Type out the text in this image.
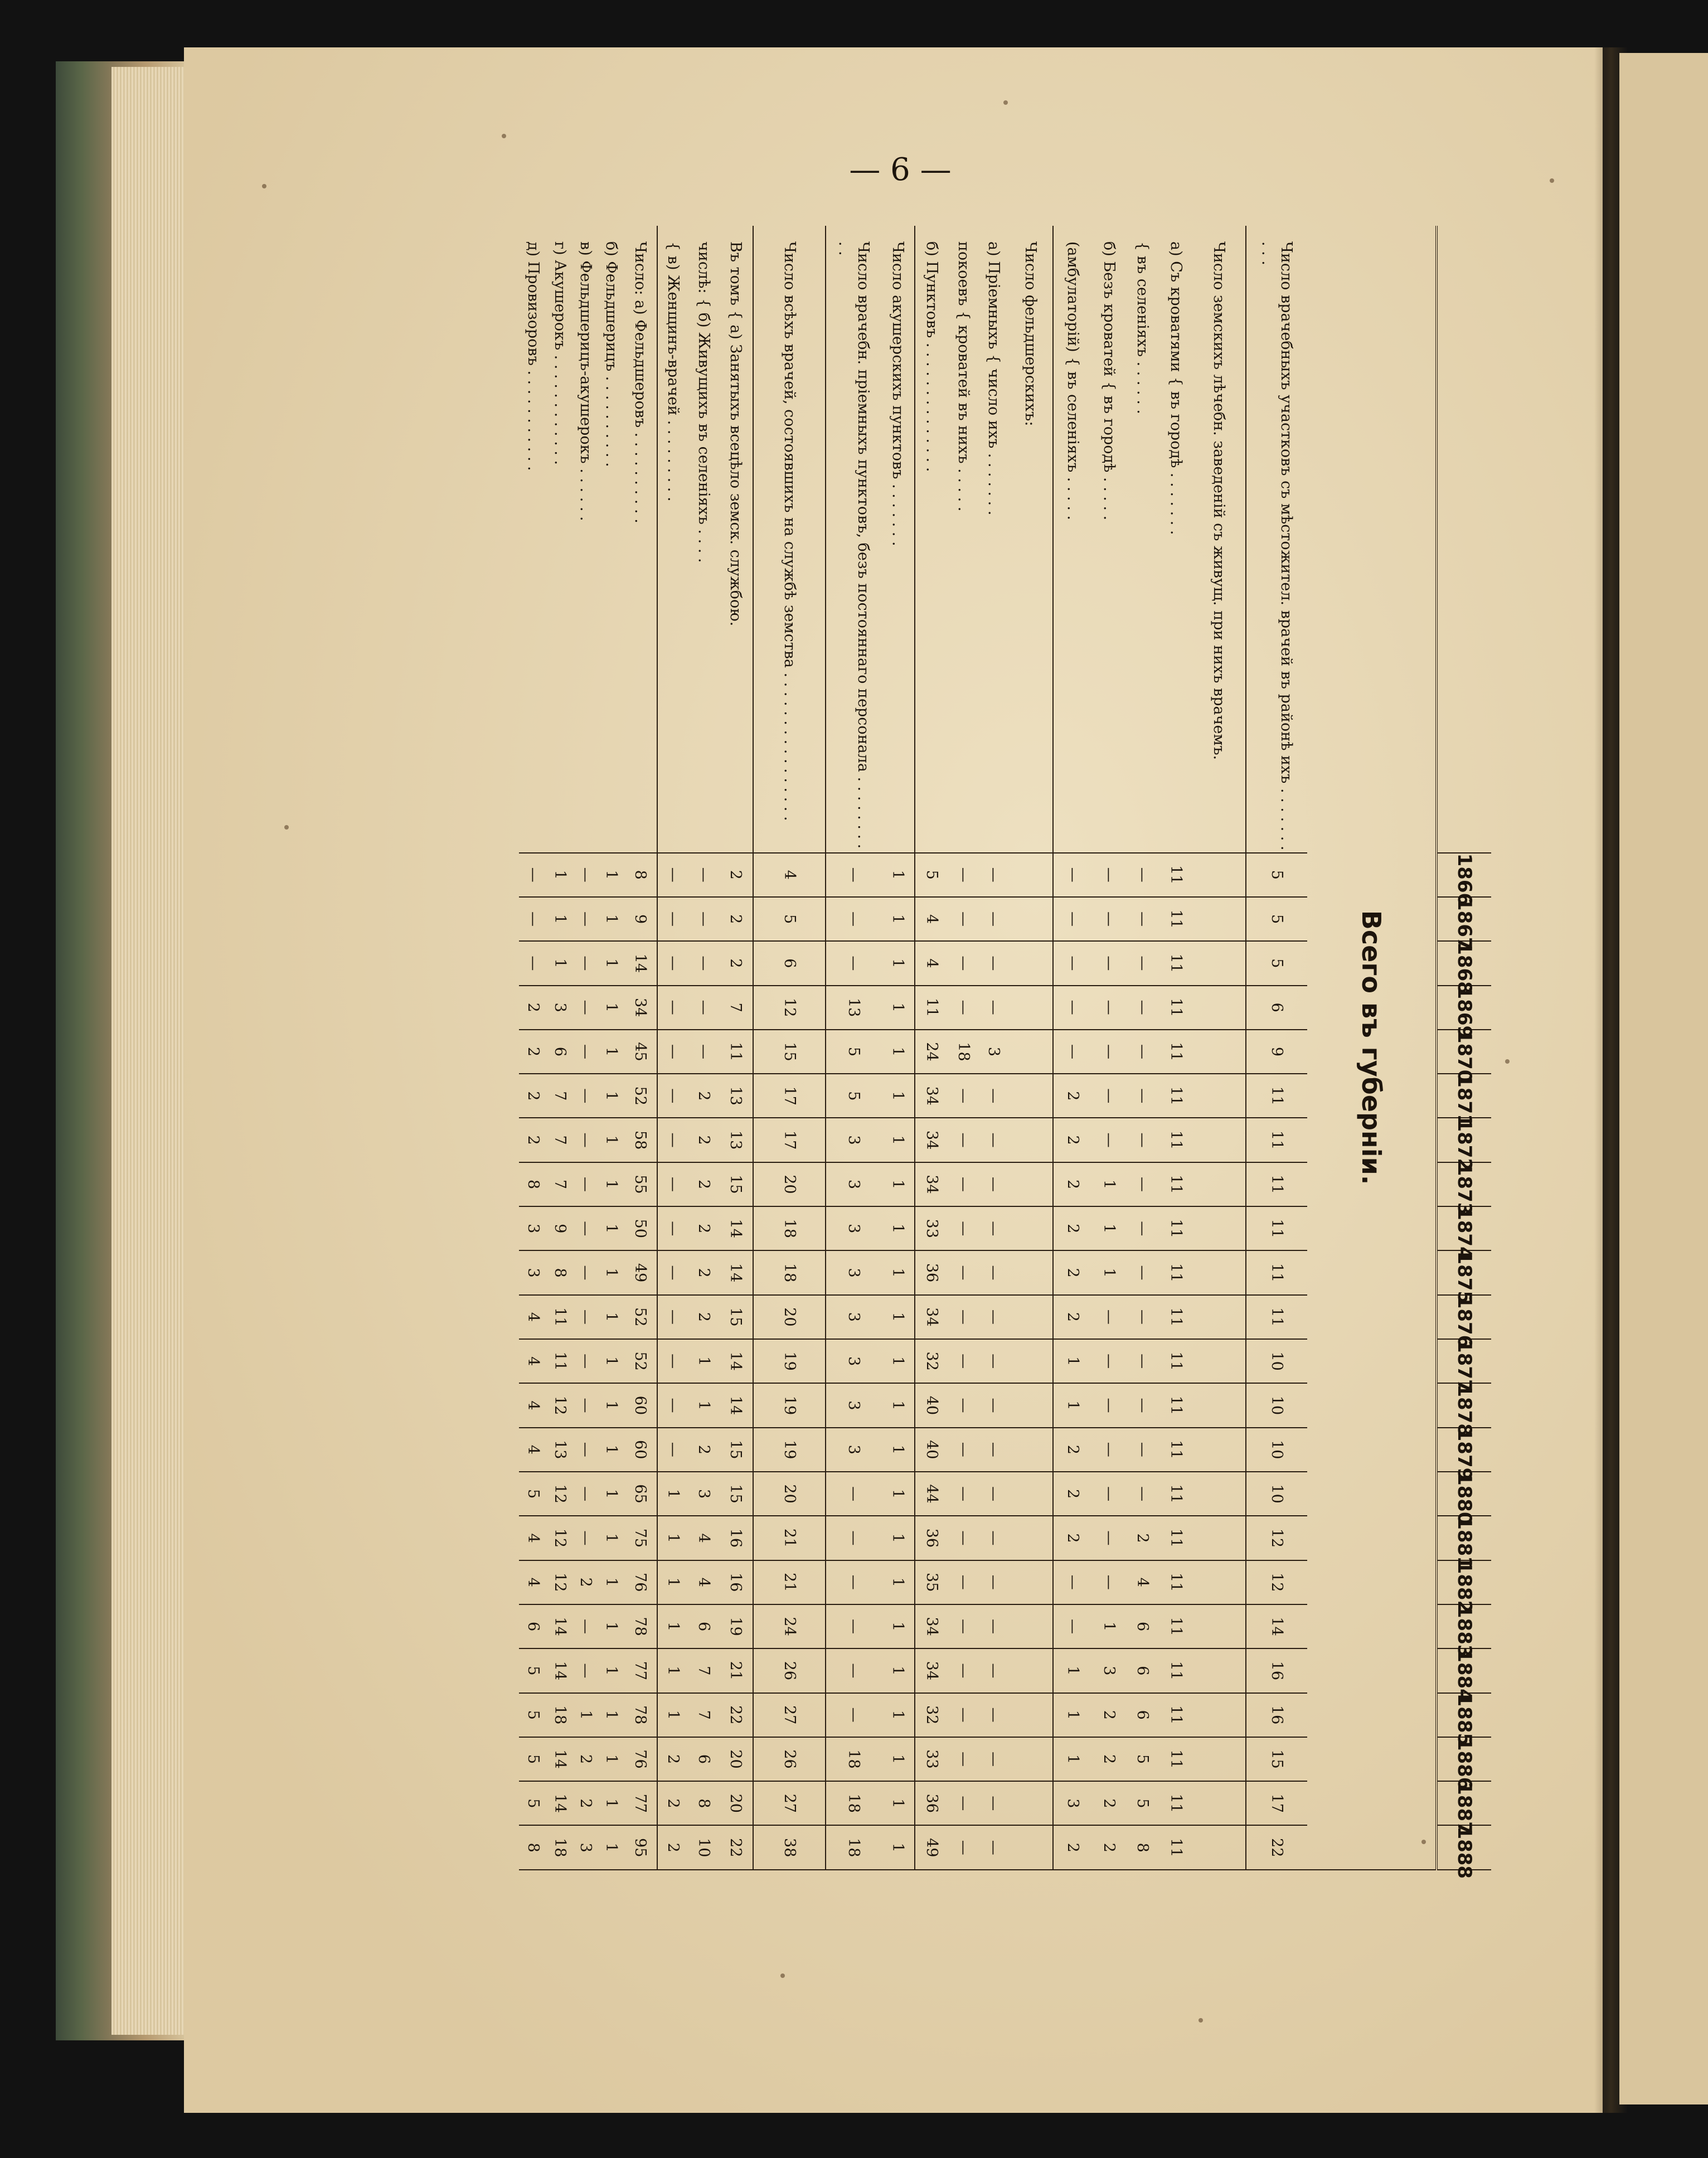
— 6 —
	1866	1867	1868	1869	1870	1871	1872	1873	1874	1875	1876	1877	1878	1879	1880	1881	1882	1883	1884	1885	1886	1887	1888
Всего въ губерніи.																							
Число врачебныхъ участковъ съ мѣстожител. врачей въ районѣ ихъ . . . . . . . . . .	5	5	5	6	9	11	11	11	11	11	11	10	10	10	10	12	12	14	16	16	15	17	22
Число земскихъ лѣчебн. заведеній съ живущ. при нихъ врачемъ.																							
а) Съ кроватями { въ городѣ . . . . . . .	11	11	11	11	11	11	11	11	11	11	11	11	11	11	11	11	11	11	11	11	11	11	11
{ въ селеніяхъ . . . . . .	—	—	—	—	—	—	—	—	—	—	—	—	—	—	—	2	4	6	6	6	5	5	8
б) Безъ кроватей { въ городѣ . . . . .	—	—	—	—	—	—	—	1	1	1	—	—	—	—	—	—	—	1	3	2	2	2	2
(амбулаторій) { въ селеніяхъ . . . . .	—	—	—	—	—	2	2	2	2	2	2	1	1	2	2	2	—	—	1	1	1	3	2
Число фельдшерскихъ:																							
а) Пріемныхъ { число ихъ . . . . . . .	—	—	—	—	3	—	—	—	—	—	—	—	—	—	—	—	—	—	—	—	—	—	—
покоевъ { кроватей въ нихъ . . . . .	—	—	—	—	18	—	—	—	—	—	—	—	—	—	—	—	—	—	—	—	—	—	—
б) Пунктовъ . . . . . . . . . . . . . .	5	4	4	11	24	34	34	34	33	36	34	32	40	40	44	36	35	34	34	32	33	36	49
Число акушерскихъ пунктовъ . . . . . . .	1	1	1	1	1	1	1	1	1	1	1	1	1	1	1	1	1	1	1	1	1	1	1
Число врачебн. пріемныхъ пунктовъ, безъ постояннаго персонала . . . . . . . . . .	—	—	—	13	5	5	3	3	3	3	3	3	3	3	—	—	—	—	—	—	18	18	18
Число всѣхъ врачей, состоявшихъ на службѣ земства . . . . . . . . . . . . . . . .	4	5	6	12	15	17	17	20	18	18	20	19	19	19	20	21	21	24	26	27	26	27	38
Въ томъ { а) Занятыхъ всецѣло земск. службою.	2	2	2	7	11	13	13	15	14	14	15	14	14	15	15	16	16	19	21	22	20	20	22
числѣ: { б) Живущихъ въ селеніяхъ . . . .	—	—	—	—	—	2	2	2	2	2	2	1	1	2	3	4	4	6	7	7	6	8	10
{ в) Женщинъ-врачей . . . . . . . . .	—	—	—	—	—	—	—	—	—	—	—	—	—	—	1	1	1	1	1	1	2	2	2
Число: а) Фельдшеровъ . . . . . . . . . .	8	9	14	34	45	52	58	55	50	49	52	52	60	60	65	75	76	78	77	78	76	77	95
б) Фельдшерицъ . . . . . . . . . .	1	1	1	1	1	1	1	1	1	1	1	1	1	1	1	1	1	1	1	1	1	1	1
в) Фельдшерицъ-акушерокъ . . . . . .	—	—	—	—	—	—	—	—	—	—	—	—	—	—	—	—	2	—	—	1	2	2	3
г) Акушерокъ . . . . . . . . . . . .	1	1	1	3	6	7	7	7	9	8	11	11	12	13	12	12	12	14	14	18	14	14	18
д) Провизоровъ . . . . . . . . . . .	—	—	—	2	2	2	2	8	3	3	4	4	4	4	5	4	4	6	5	5	5	5	8
